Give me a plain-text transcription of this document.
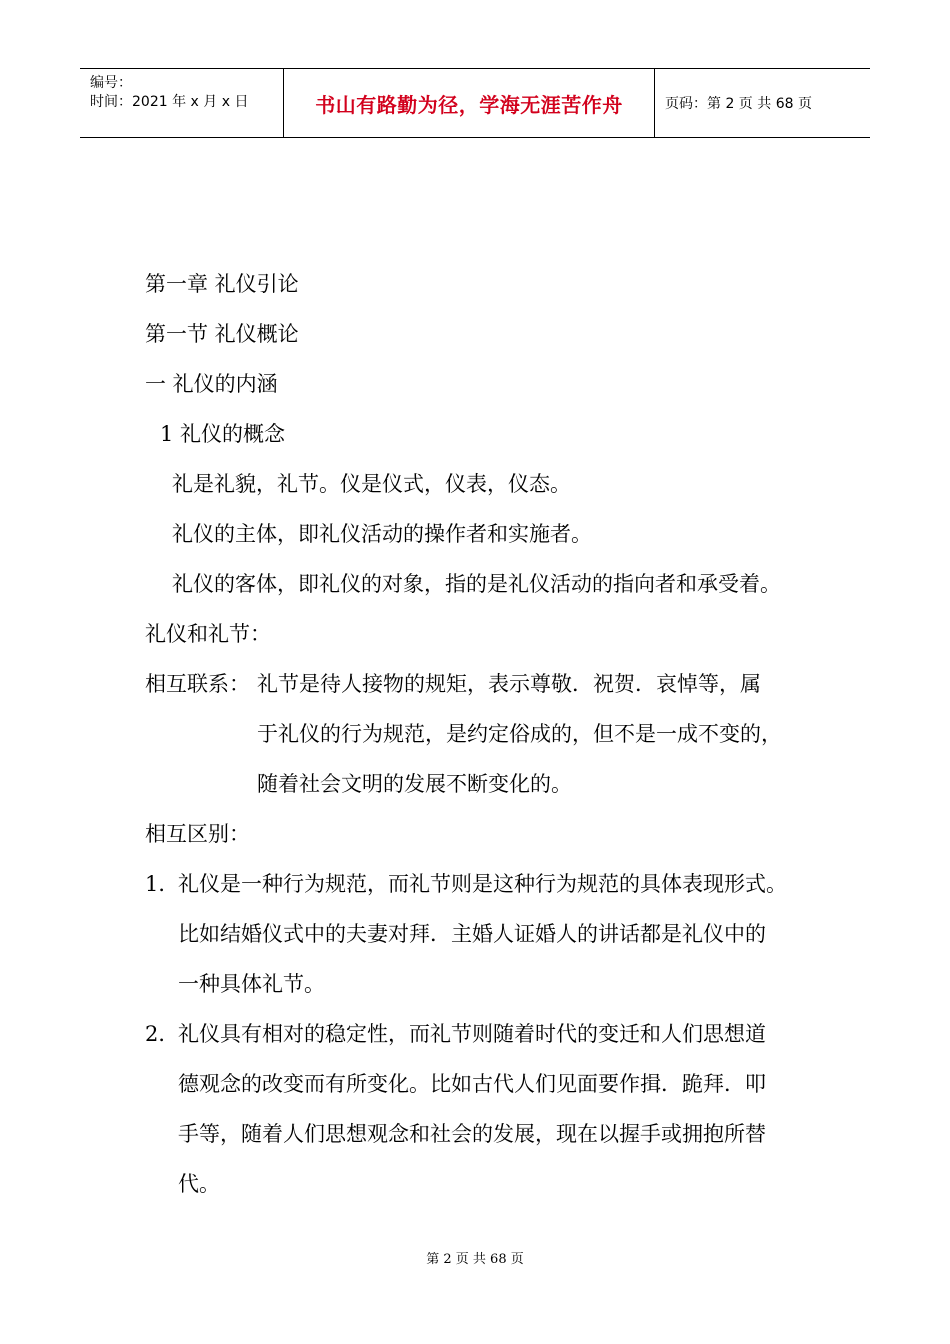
编号：
时间：2021 年 x 月 x 日	书山有路勤为径，学海无涯苦作舟	页码：第 2 页 共 68 页
第一章 礼仪引论
第一节 礼仪概论
一 礼仪的内涵
1 礼仪的概念
礼是礼貌，礼节。仪是仪式，仪表，仪态。
礼仪的主体，即礼仪活动的操作者和实施者。
礼仪的客体，即礼仪的对象，指的是礼仪活动的指向者和承受着。
礼仪和礼节：
相互联系： 礼节是待人接物的规矩，表示尊敬．祝贺．哀悼等，属
于礼仪的行为规范，是约定俗成的，但不是一成不变的，
随着社会文明的发展不断变化的。
相互区别：
1．
礼仪是一种行为规范，而礼节则是这种行为规范的具体表现形式。
比如结婚仪式中的夫妻对拜．主婚人证婚人的讲话都是礼仪中的
一种具体礼节。
2．
礼仪具有相对的稳定性，而礼节则随着时代的变迁和人们思想道
德观念的改变而有所变化。比如古代人们见面要作揖．跪拜．叩
手等，随着人们思想观念和社会的发展，现在以握手或拥抱所替
代。
第 2 页 共 68 页
